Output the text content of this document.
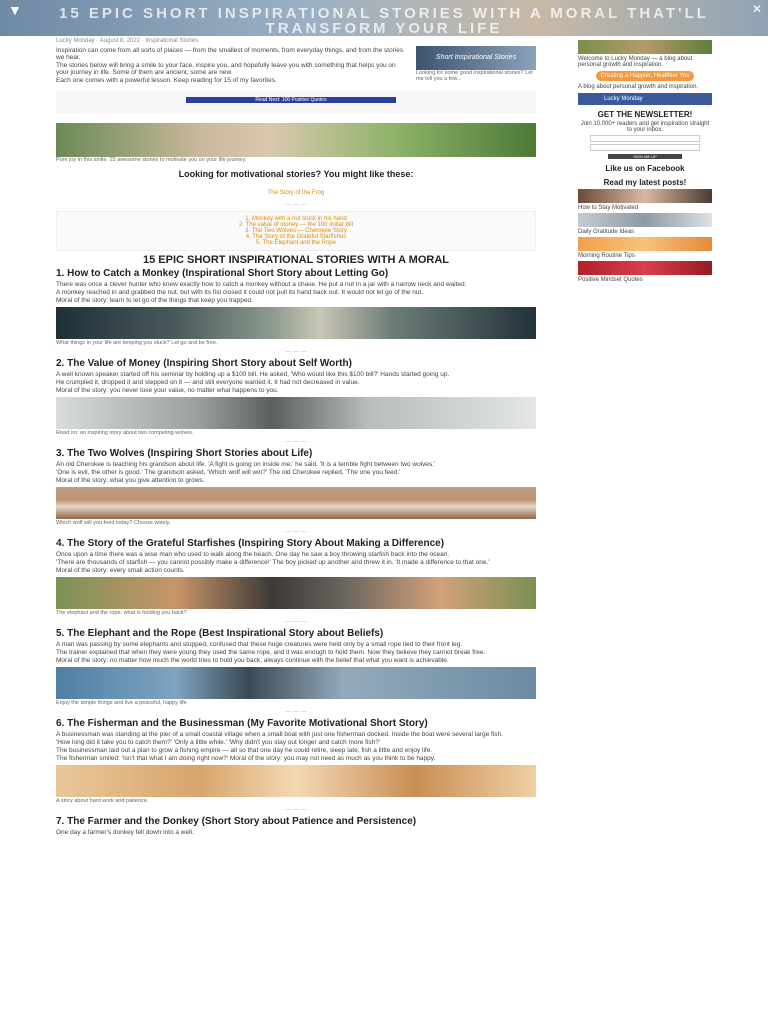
▼	15 EPIC SHORT INSPIRATIONAL STORIES WITH A MORAL THAT'LL TRANSFORM YOUR LIFE
✕
Lucky Monday · August 8, 2022 · Inspirational Stories
Inspiration can come from all sorts of places — from the smallest of moments, from everyday things, and from the stories we hear.
The stories below will bring a smile to your face, inspire you, and hopefully leave you with something that helps you on your journey in life. Some of them are ancient, some are new.
Each one comes with a powerful lesson. Keep reading for 15 of my favorites.
Short Inspirational Stories
Looking for some good inspirational stories? Let me tell you a few...
Read Next: 100 Positive Quotes
Pure joy in this smile. 15 awesome stories to motivate you on your life journey.
Looking for motivational stories? You might like these:
The Story of the Frog
— — —
1. Monkey with a nut stuck in his hand
2. The value of money — the 100 dollar bill
3. The Two Wolves — Cherokee Story
4. The Story of the Grateful Starfishes
5. The Elephant and the Rope
15 EPIC SHORT INSPIRATIONAL STORIES WITH A MORAL
1. How to Catch a Monkey (Inspirational Short Story about Letting Go)
There was once a clever hunter who knew exactly how to catch a monkey without a chase. He put a nut in a jar with a narrow neck and waited.
A monkey reached in and grabbed the nut, but with its fist closed it could not pull its hand back out. It would not let go of the nut.
Moral of the story: learn to let go of the things that keep you trapped.
What things in your life are keeping you stuck? Let go and be free.
— — —
2. The Value of Money (Inspiring Short Story about Self Worth)
A well known speaker started off his seminar by holding up a $100 bill. He asked, 'Who would like this $100 bill?' Hands started going up.
He crumpled it, dropped it and stepped on it — and still everyone wanted it. It had not decreased in value.
Moral of the story: you never lose your value, no matter what happens to you.
Read on: an inspiring story about two competing wolves.
— — —
3. The Two Wolves (Inspiring Short Stories about Life)
An old Cherokee is teaching his grandson about life. 'A fight is going on inside me,' he said. 'It is a terrible fight between two wolves.'
'One is evil, the other is good.' The grandson asked, 'Which wolf will win?' The old Cherokee replied, 'The one you feed.'
Moral of the story: what you give attention to grows.
Which wolf will you feed today? Choose wisely.
— — —
4. The Story of the Grateful Starfishes (Inspiring Story About Making a Difference)
Once upon a time there was a wise man who used to walk along the beach. One day he saw a boy throwing starfish back into the ocean.
'There are thousands of starfish — you cannot possibly make a difference!' The boy picked up another and threw it in. 'It made a difference to that one.'
Moral of the story: every small action counts.
The elephant and the rope: what is holding you back?
— — —
5. The Elephant and the Rope (Best Inspirational Story about Beliefs)
A man was passing by some elephants and stopped, confused that these huge creatures were held only by a small rope tied to their front leg.
The trainer explained that when they were young they used the same rope, and it was enough to hold them. Now they believe they cannot break free.
Moral of the story: no matter how much the world tries to hold you back, always continue with the belief that what you want is achievable.
Enjoy the simple things and live a peaceful, happy life.
— — —
6. The Fisherman and the Businessman (My Favorite Motivational Short Story)
A businessman was standing at the pier of a small coastal village when a small boat with just one fisherman docked. Inside the boat were several large fish.
'How long did it take you to catch them?' 'Only a little while.' 'Why didn't you stay out longer and catch more fish?'
The businessman laid out a plan to grow a fishing empire — all so that one day he could retire, sleep late, fish a little and enjoy life.
The fisherman smiled: 'Isn't that what I am doing right now?' Moral of the story: you may not need as much as you think to be happy.
A story about hard work and patience.
— — —
7. The Farmer and the Donkey (Short Story about Patience and Persistence)
One day a farmer's donkey fell down into a well.
Welcome to Lucky Monday — a blog about personal growth and inspiration.
Creating a Happier, Healthier You
A blog about personal growth and inspiration.
Lucky Monday
GET THE NEWSLETTER!
Join 10,000+ readers and get inspiration straight to your inbox.
SIGN ME UP
Like us on Facebook
Read my latest posts!
How to Stay Motivated
Daily Gratitude Ideas
Morning Routine Tips
Positive Mindset Quotes
